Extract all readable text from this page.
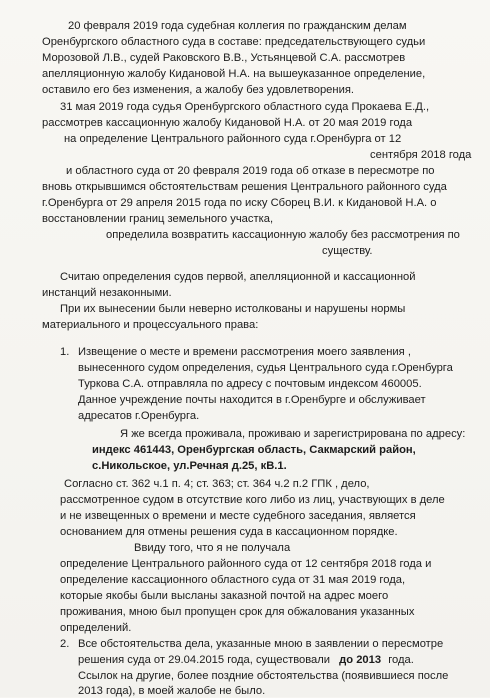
20 февраля 2019 года судебная коллегия по гражданским делам
Оренбургского областного суда в составе: председательствующего судьи
Морозовой Л.В., судей Раковского В.В., Устьянцевой С.А. рассмотрев
апелляционную жалобу Кидановой Н.А. на вышеуказанное определение,
оставило его без изменения, а жалобу без удовлетворения.
31 мая 2019 года судья Оренбургского областного суда Прокаева Е.Д.,
рассмотрев кассационную жалобу Кидановой Н.А. от 20 мая 2019 года
на определение Центрального районного суда г.Оренбурга от 12
сентября 2018 года
и областного суда от 20 февраля 2019 года об отказе в пересмотре по
вновь открывшимся обстоятельствам решения Центрального районного суда
г.Оренбурга от 29 апреля 2015 года по иску Сборец В.И. к Кидановой Н.А. о
восстановлении границ земельного участка,
определила возвратить кассационную жалобу без рассмотрения по
существу.
Считаю определения судов первой, апелляционной и кассационной
инстанций незаконными.
При их вынесении были неверно истолкованы и нарушены нормы
материального и процессуального права:
1. Извещение о месте и времени рассмотрения моего заявления ,
вынесенного судом определения, судья Центрального суда г.Оренбурга
Туркова С.А. отправляла по адресу с почтовым индексом 460005.
Данное учреждение почты находится в г.Оренбурге и обслуживает
адресатов г.Оренбурга.
Я же всегда проживала, проживаю и зарегистрирована по адресу:
индекс 461443, Оренбургская область, Сакмарский район,
с.Никольское, ул.Речная д.25, кВ.1.
Согласно ст. 362 ч.1 п. 4; ст. 363; ст. 364 ч.2 п.2 ГПК , дело,
рассмотренное судом в отсутствие кого либо из лиц, участвующих в деле
и не извещенных о времени и месте судебного заседания, является
основанием для отмены решения суда в кассационном порядке.
Ввиду того, что я не получала
определение Центрального районного суда от 12 сентября 2018 года и
определение кассационного областного суда от 31 мая 2019 года,
которые якобы были высланы заказной почтой на адрес моего
проживания, мною был пропущен срок для обжалования указанных
определений.
2. Все обстоятельства дела, указанные мною в заявлении о пересмотре
решения суда от 29.04.2015 года, существовали до 2013 года.
Ссылок на другие, более поздние обстоятельства (появившиеся после
2013 года), в моей жалобе не было.
